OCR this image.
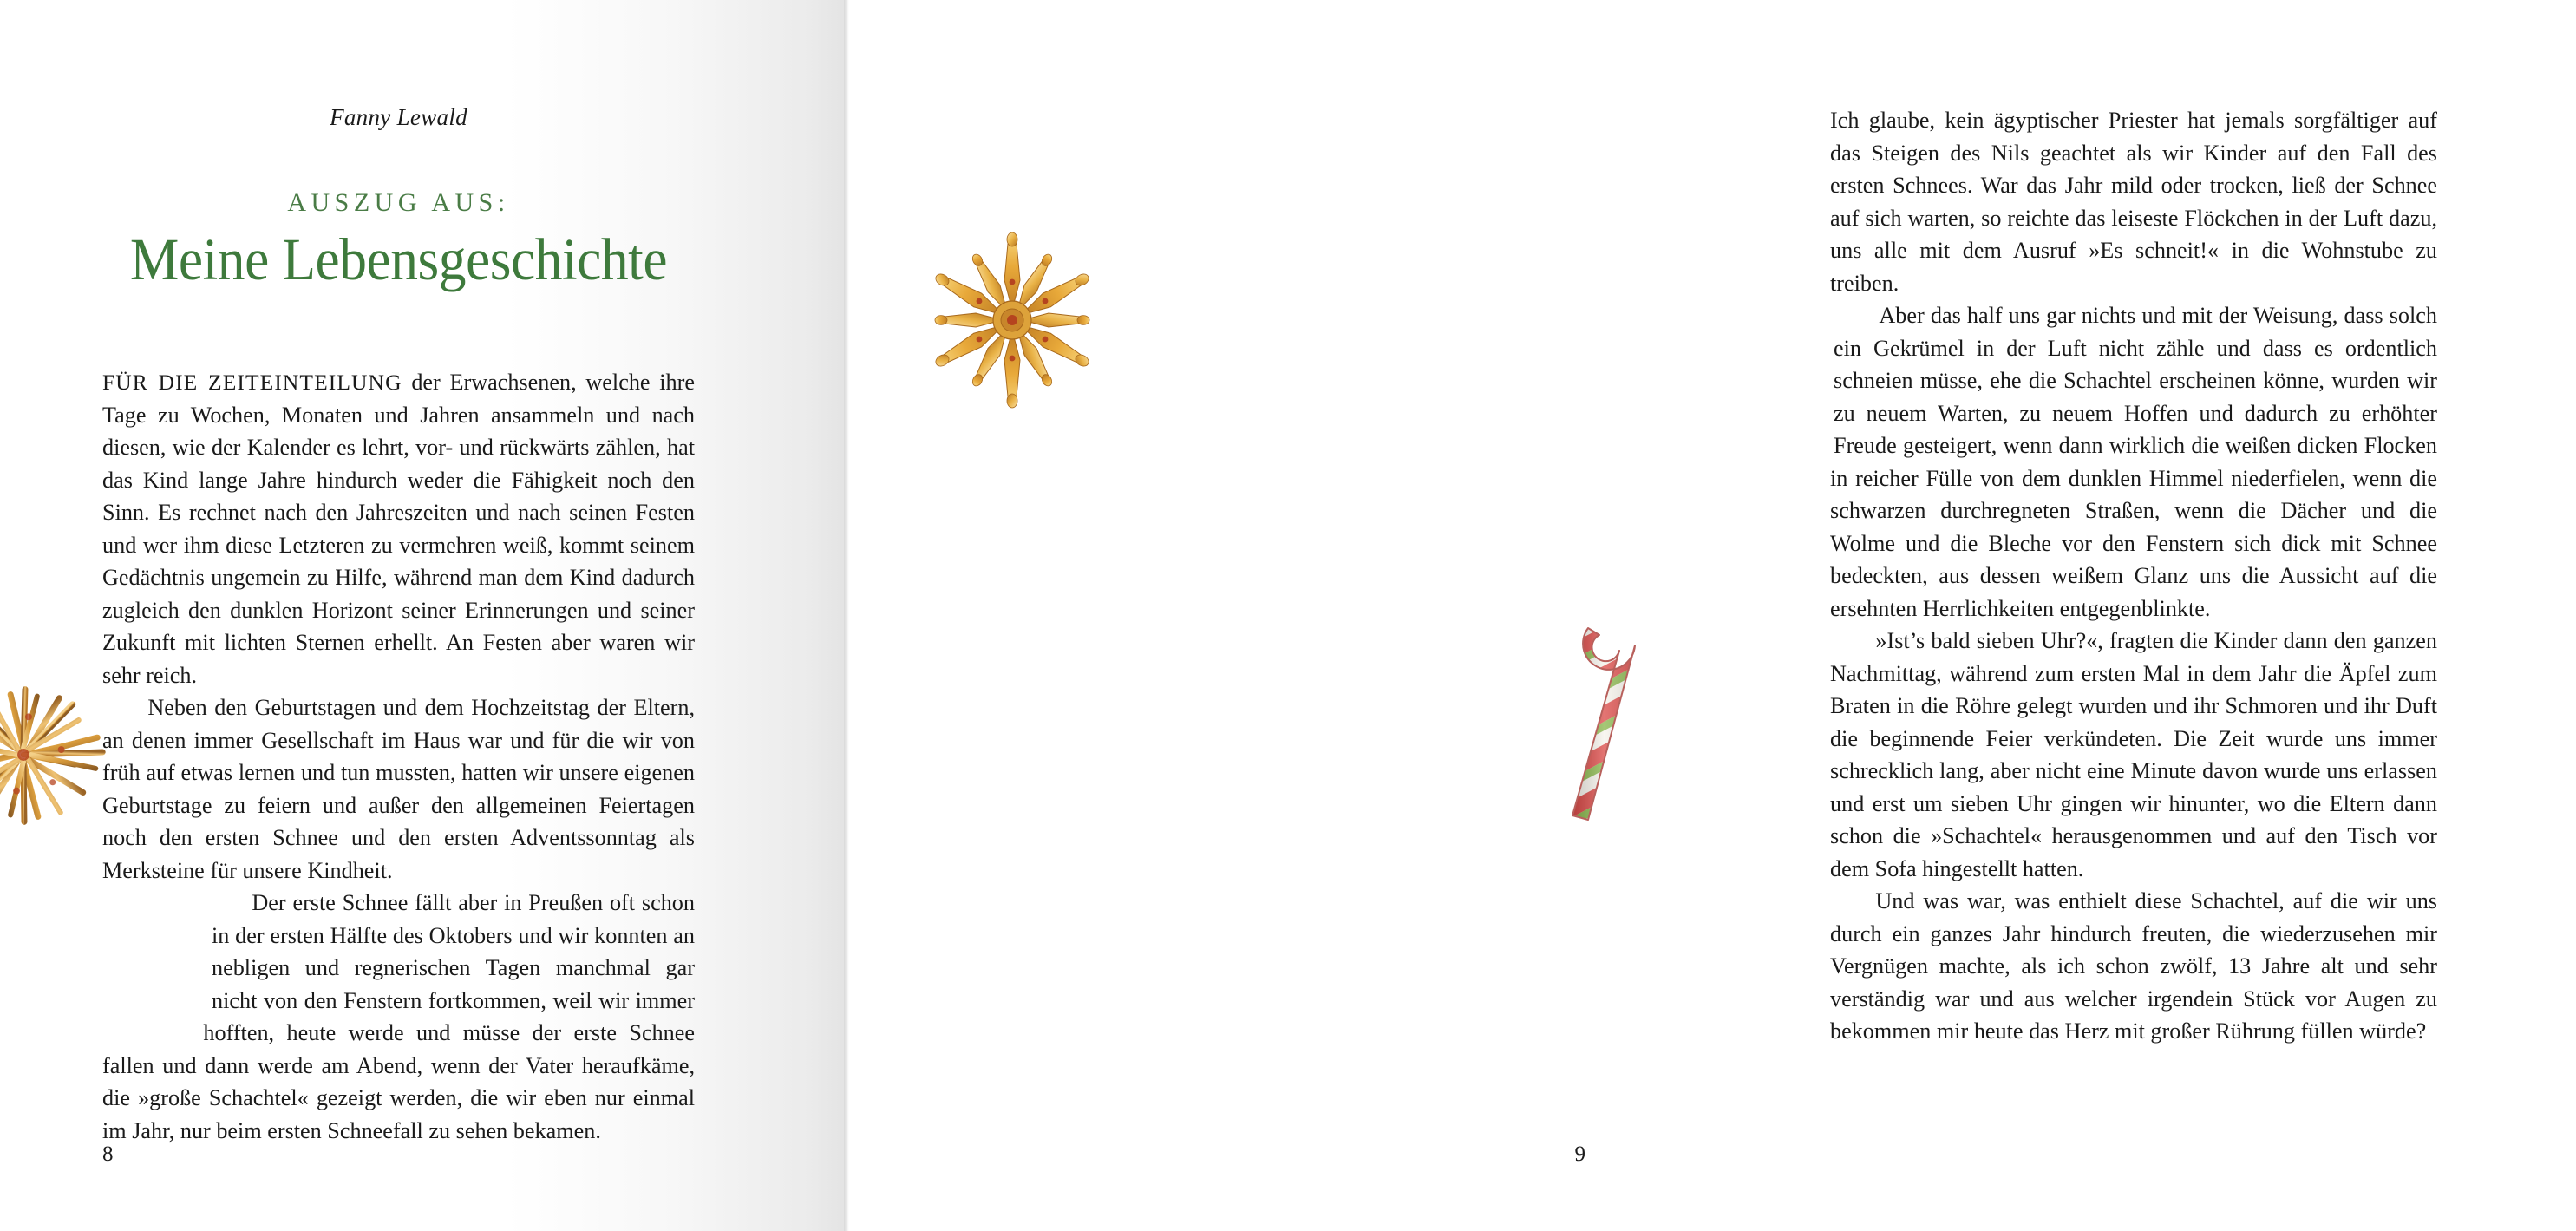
Fanny Lewald
AUSZUG AUS:
Meine Lebensgeschichte

FÜR DIE ZEITEINTEILUNG der Erwachsenen, welche ihre Tage zu Wochen, Monaten und Jahren ansammeln und nach diesen, wie der Kalender es lehrt, vor- und rückwärts zählen, hat das Kind lange Jahre hindurch weder die Fähigkeit noch den Sinn. Es rechnet nach den Jahreszeiten und nach seinen Festen und wer ihm diese Letzteren zu vermehren weiß, kommt seinem Gedächtnis ungemein zu Hilfe, während man dem Kind dadurch zugleich den dunklen Horizont seiner Erinnerungen und seiner Zukunft mit lichten Sternen erhellt. An Festen aber waren wir sehr reich.

Neben den Geburtstagen und dem Hochzeitstag der Eltern, an denen immer Gesellschaft im Haus war und für die wir von früh auf etwas lernen und tun mussten, hatten wir unsere eigenen Geburtstage zu feiern und außer den allgemeinen Feiertagen noch den ersten Schnee und den ersten Adventssonntag als Merksteine für unsere Kindheit.

Der erste Schnee fällt aber in Preußen oft schon in der ersten Hälfte des Oktobers und wir konnten an nebligen und regnerischen Tagen manchmal gar nicht von den Fenstern fortkommen, weil wir immer hofften, heute werde und müsse der erste Schnee fallen und dann werde am Abend, wenn der Vater heraufkäme, die »große Schachtel« gezeigt werden, die wir eben nur einmal im Jahr, nur beim ersten Schneefall zu sehen bekamen.

8

Ich glaube, kein ägyptischer Priester hat jemals sorgfältiger auf das Steigen des Nils geachtet als wir Kinder auf den Fall des ersten Schnees. War das Jahr mild oder trocken, ließ der Schnee auf sich warten, so reichte das leiseste Flöckchen in der Luft dazu, uns alle mit dem Ausruf »Es schneit!« in die Wohnstube zu treiben.

Aber das half uns gar nichts und mit der Weisung, dass solch ein Gekrümel in der Luft nicht zähle und dass es ordentlich schneien müsse, ehe die Schachtel erscheinen könne, wurden wir zu neuem Warten, zu neuem Hoffen und dadurch zu erhöhter Freude gesteigert, wenn dann wirklich die weißen dicken Flocken in reicher Fülle von dem dunklen Himmel niederfielen, wenn die schwarzen durchregneten Straßen, wenn die Dächer und die Wolme und die Bleche vor den Fenstern sich dick mit Schnee bedeckten, aus dessen weißem Glanz uns die Aussicht auf die ersehnten Herrlichkeiten entgegenblinkte.

»Ist’s bald sieben Uhr?«, fragten die Kinder dann den ganzen Nachmittag, während zum ersten Mal in dem Jahr die Äpfel zum Braten in die Röhre gelegt wurden und ihr Schmoren und ihr Duft die beginnende Feier verkündeten. Die Zeit wurde uns immer schrecklich lang, aber nicht eine Minute davon wurde uns erlassen und erst um sieben Uhr gingen wir hinunter, wo die Eltern dann schon die »Schachtel« herausgenommen und auf den Tisch vor dem Sofa hingestellt hatten.

Und was war, was enthielt diese Schachtel, auf die wir uns durch ein ganzes Jahr hindurch freuten, die wiederzusehen mir Vergnügen machte, als ich schon zwölf, 13 Jahre alt und sehr verständig war und aus welcher irgendein Stück vor Augen zu bekommen mir heute das Herz mit großer Rührung füllen würde?

9
